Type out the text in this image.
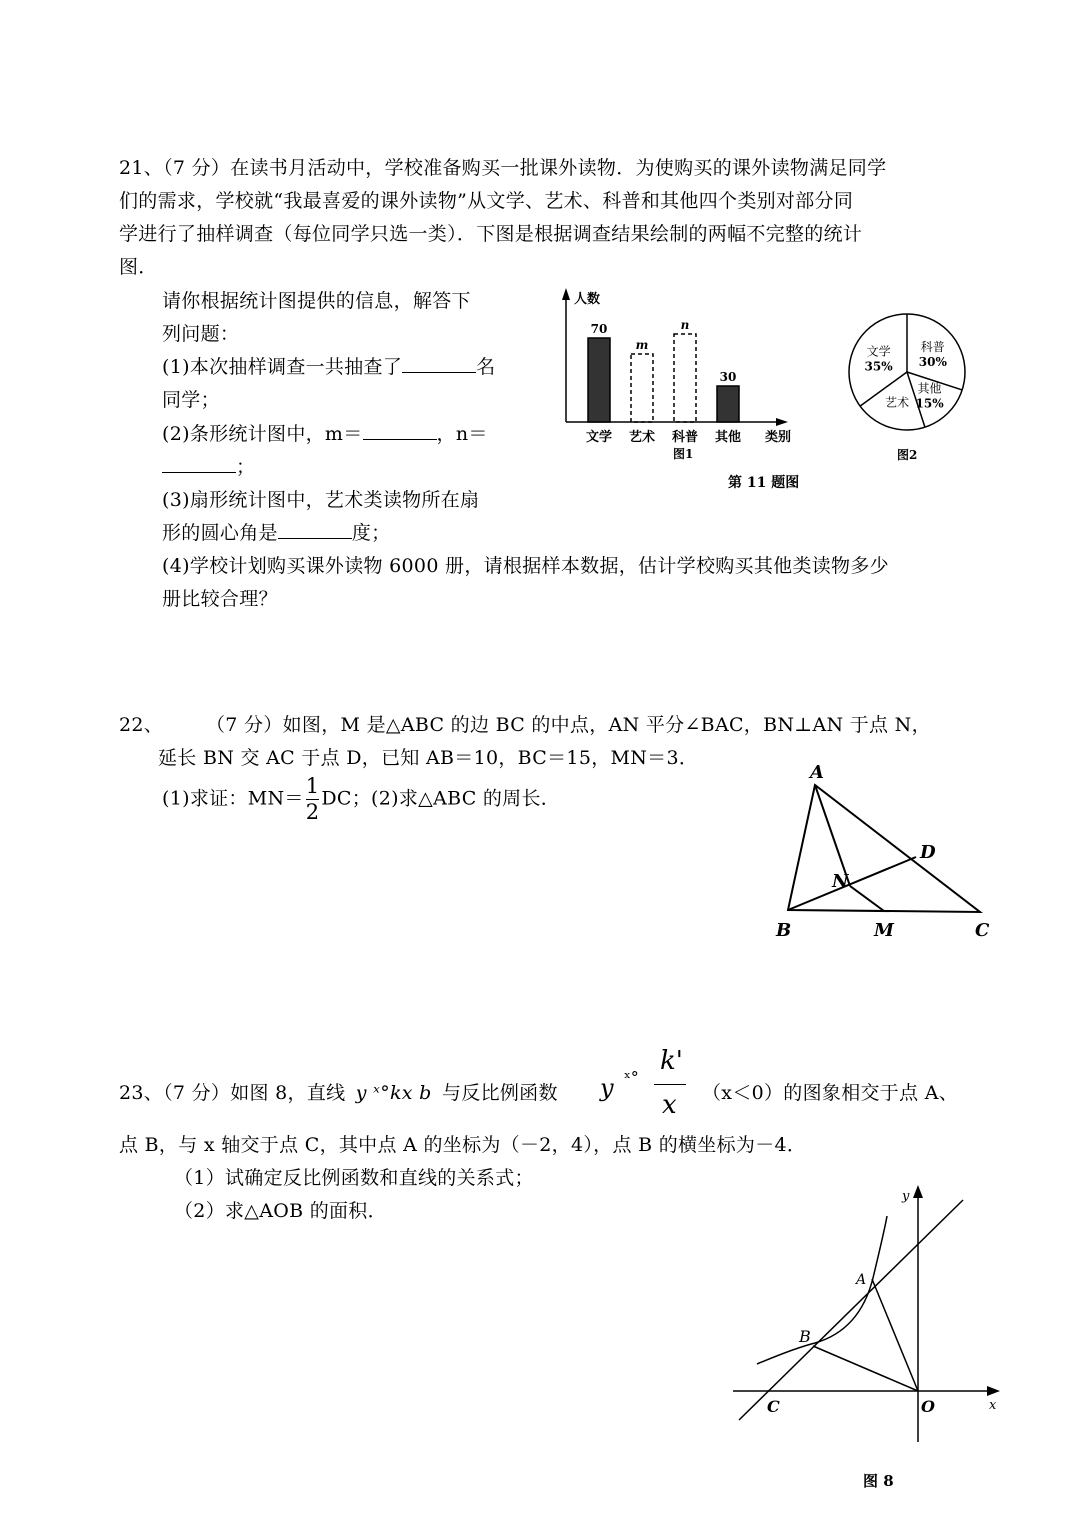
21、（7 分）在读书月活动中，学校准备购买一批课外读物．为使购买的课外读物满足同学
们的需求，学校就“我最喜爱的课外读物”从文学、艺术、科普和其他四个类别对部分同
学进行了抽样调查（每位同学只选一类）．下图是根据调查结果绘制的两幅不完整的统计
图．
请你根据统计图提供的信息，解答下
列问题：
(1)本次抽样调查一共抽查了	名
同学；
(2)条形统计图中，m＝	，n＝
；
(3)扇形统计图中，艺术类读物所在扇
形的圆心角是	度；
(4)学校计划购买课外读物 6000 册，请根据样本数据，估计学校购买其他类读物多少
册比较合理？
人数
类别
70
文学
m
艺术
n
科普
30
其他
图1
文学
35%
科普
30%
其他
15%
艺术
图2
第 11 题图
22、 （7 分）如图，M 是△ABC 的边 BC 的中点，AN 平分∠BAC，BN⊥AN 于点 N，
延长 BN 交 AC 于点 D，已知 AB＝10，BC＝15，MN＝3．
(1)求证：$MN= \frac{1}{2}$ DC；(2)求△ABC 的周长．
A
B	M	C
D
N
23、（7 分）如图 8，直线 y ˣ°kx b 与反比例函数 y ˣ°
k'
x （x＜0）的图象相交于点 A、
点 B，与 x 轴交于点 C，其中点 A 的坐标为（－2，4），点 B 的横坐标为－4．
（1）试确定反比例函数和直线的关系式；
（2）求△AOB 的面积．
y
x
A
B
C	O
图 8
